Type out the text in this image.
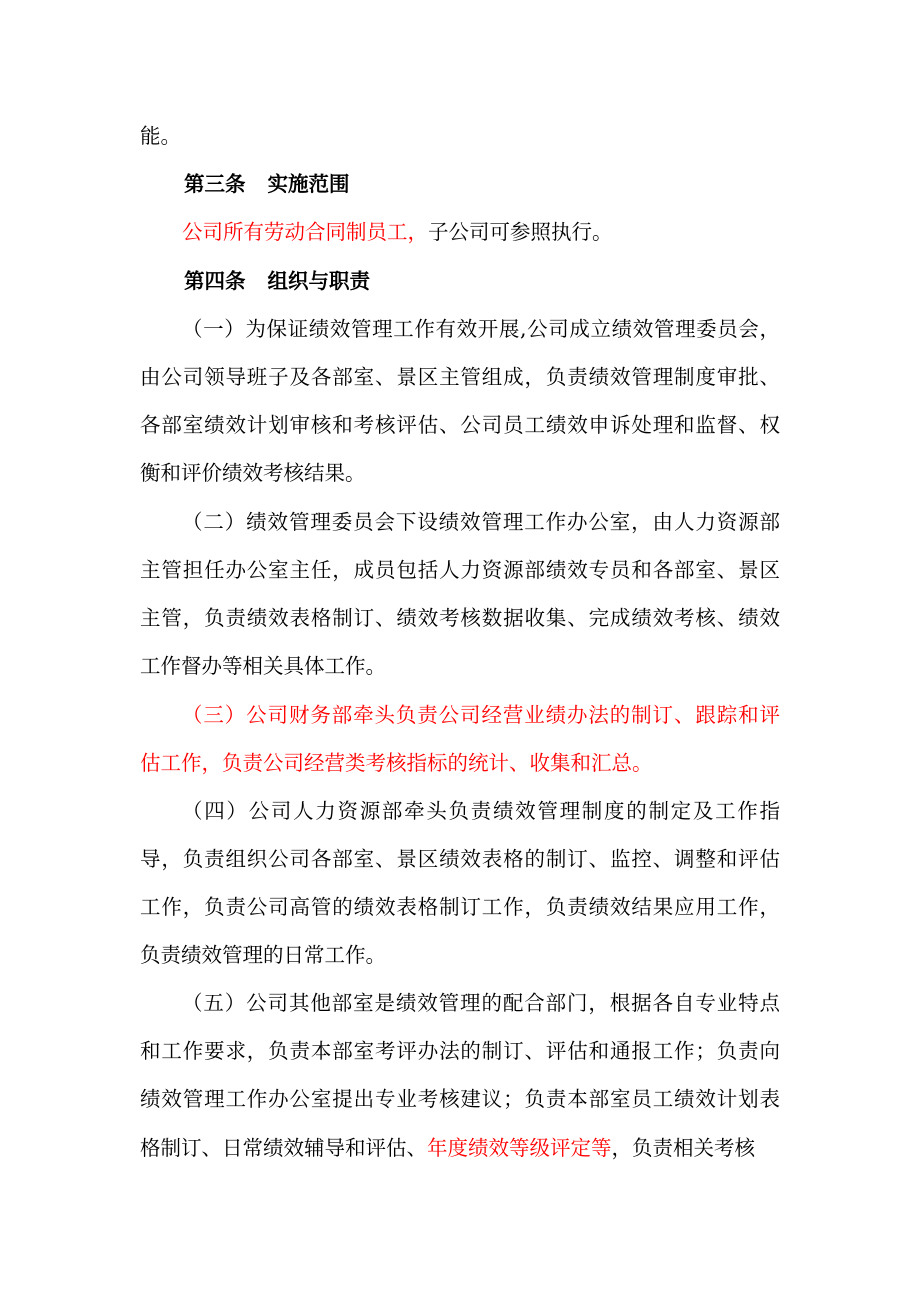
能。
第三条 实施范围
公司所有劳动合同制员工，子公司可参照执行。
第四条 组织与职责
（一）为保证绩效管理工作有效开展,公司成立绩效管理委员会，
由公司领导班子及各部室、景区主管组成，负责绩效管理制度审批、
各部室绩效计划审核和考核评估、公司员工绩效申诉处理和监督、权
衡和评价绩效考核结果。
（二）绩效管理委员会下设绩效管理工作办公室，由人力资源部
主管担任办公室主任，成员包括人力资源部绩效专员和各部室、景区
主管，负责绩效表格制订、绩效考核数据收集、完成绩效考核、绩效
工作督办等相关具体工作。
（三）公司财务部牵头负责公司经营业绩办法的制订、跟踪和评
估工作，负责公司经营类考核指标的统计、收集和汇总。
（四）公司人力资源部牵头负责绩效管理制度的制定及工作指
导，负责组织公司各部室、景区绩效表格的制订、监控、调整和评估
工作，负责公司高管的绩效表格制订工作，负责绩效结果应用工作，
负责绩效管理的日常工作。
（五）公司其他部室是绩效管理的配合部门，根据各自专业特点
和工作要求，负责本部室考评办法的制订、评估和通报工作；负责向
绩效管理工作办公室提出专业考核建议；负责本部室员工绩效计划表
格制订、日常绩效辅导和评估、年度绩效等级评定等，负责相关考核
